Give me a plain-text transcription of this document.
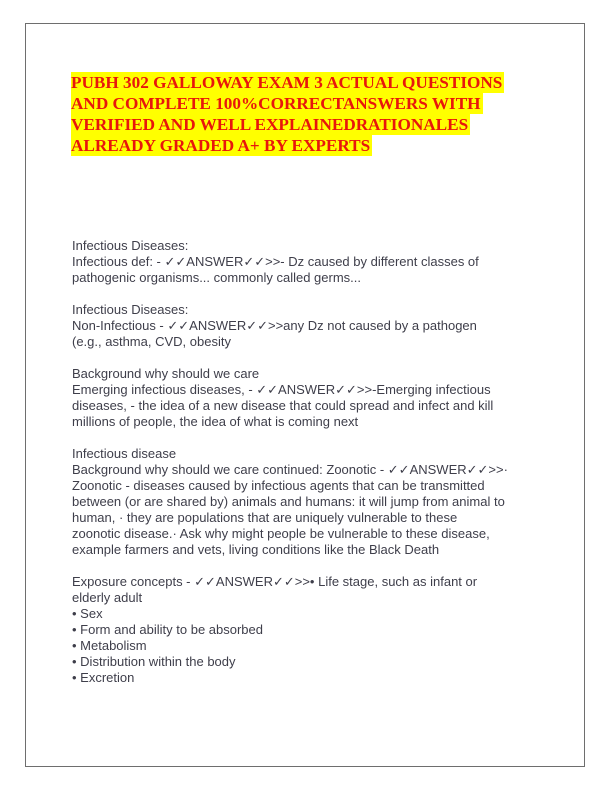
PUBH 302 GALLOWAY EXAM 3 ACTUAL QUESTIONS
AND COMPLETE 100%CORRECTANSWERS WITH
VERIFIED AND WELL EXPLAINEDRATIONALES
ALREADY GRADED A+ BY EXPERTS

Infectious Diseases:

Infectious def: - ✓✓ANSWER✓✓>>- Dz caused by different classes of

pathogenic organisms... commonly called germs...

Infectious Diseases:

Non-Infectious - ✓✓ANSWER✓✓>>any Dz not caused by a pathogen

(e.g., asthma, CVD, obesity

Background why should we care

Emerging infectious diseases, - ✓✓ANSWER✓✓>>-Emerging infectious

diseases, - the idea of a new disease that could spread and infect and kill

millions of people, the idea of what is coming next

Infectious disease

Background why should we care continued: Zoonotic - ✓✓ANSWER✓✓>>·

Zoonotic - diseases caused by infectious agents that can be transmitted

between (or are shared by) animals and humans: it will jump from animal to

human, · they are populations that are uniquely vulnerable to these

zoonotic disease.· Ask why might people be vulnerable to these disease,

example farmers and vets, living conditions like the Black Death

Exposure concepts - ✓✓ANSWER✓✓>>• Life stage, such as infant or

elderly adult

• Sex
• Form and ability to be absorbed
• Metabolism
• Distribution within the body
• Excretion
